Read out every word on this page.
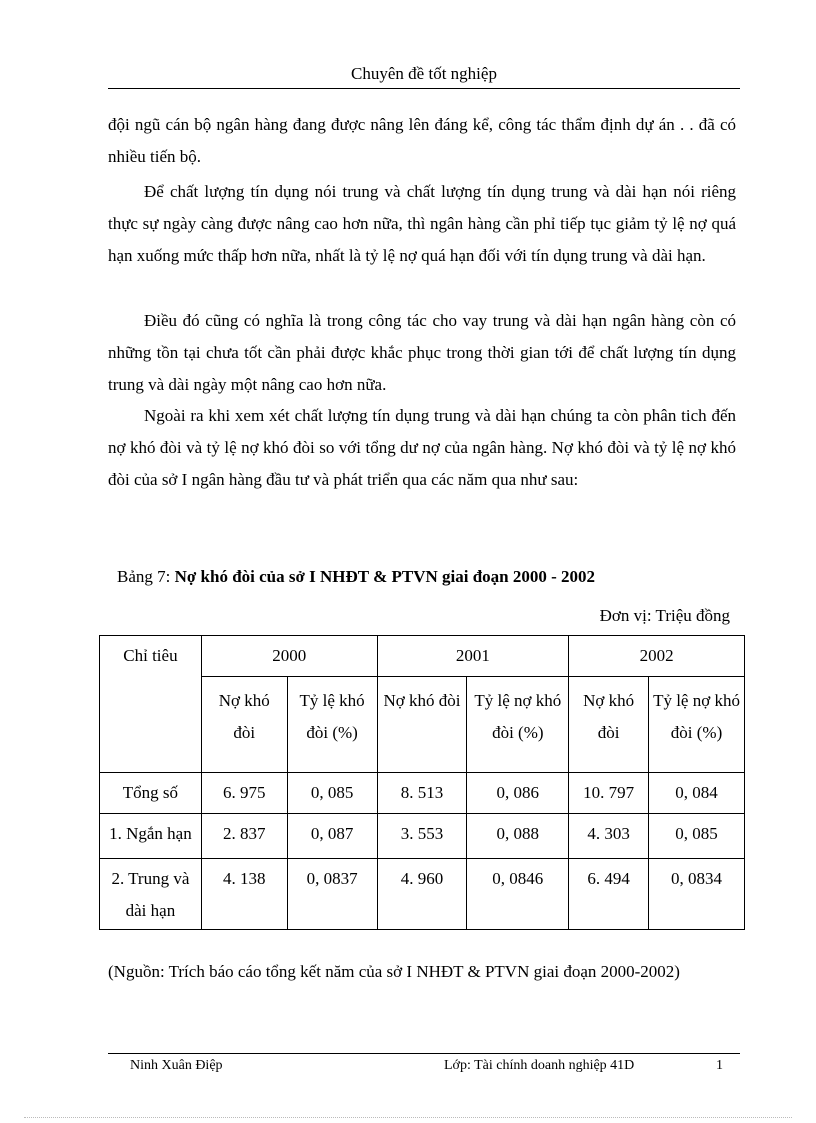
Chuyên đề tốt nghiệp
đội ngũ cán bộ ngân hàng đang được nâng lên đáng kể, công tác thẩm định dự án . . đã có nhiều tiến bộ.
Để chất lượng tín dụng nói trung và chất lượng tín dụng trung và dài hạn nói riêng thực sự ngày càng được nâng cao hơn nữa, thì ngân hàng cần phỉ tiếp tục giảm tỷ lệ nợ quá hạn xuống mức thấp hơn nữa, nhất là tỷ lệ nợ quá hạn đối với tín dụng trung và dài hạn.
Điều đó cũng có nghĩa là trong công tác cho vay trung và dài hạn ngân hàng còn có những tồn tại chưa tốt cần phải được khắc phục trong thời gian tới để chất lượng tín dụng trung và dài ngày một nâng cao hơn nữa.
Ngoài ra khi xem xét chất lượng tín dụng trung và dài hạn chúng ta còn phân tich đến nợ khó đòi và tỷ lệ nợ khó đòi so với tổng dư nợ của ngân hàng. Nợ khó đòi và tỷ lệ nợ khó đòi của sở I ngân hàng đầu tư và phát triển qua các năm qua như sau:
Bảng 7: Nợ khó đòi của sở I NHĐT & PTVN giai đoạn 2000 - 2002
Đơn vị: Triệu đồng
Chỉ tiêu	2000		2001		2002	
	Nợ khó đòi	Tỷ lệ khó đòi (%)	Nợ khó đòi	Tỷ lệ nợ khó đòi (%)	Nợ khó đòi	Tỷ lệ nợ khó đòi (%)
Tổng số	6. 975	0, 085	8. 513	0, 086	10. 797	0, 084
1. Ngắn hạn	2. 837	0, 087	3. 553	0, 088	4. 303	0, 085
2. Trung và dài hạn	4. 138	0, 0837	4. 960	0, 0846	6. 494	0, 0834
(Nguồn: Trích báo cáo tổng kết năm của sở I NHĐT & PTVN giai đoạn 2000-2002)
Ninh Xuân Điệp	Lớp: Tài chính doanh nghiệp 41D	1
